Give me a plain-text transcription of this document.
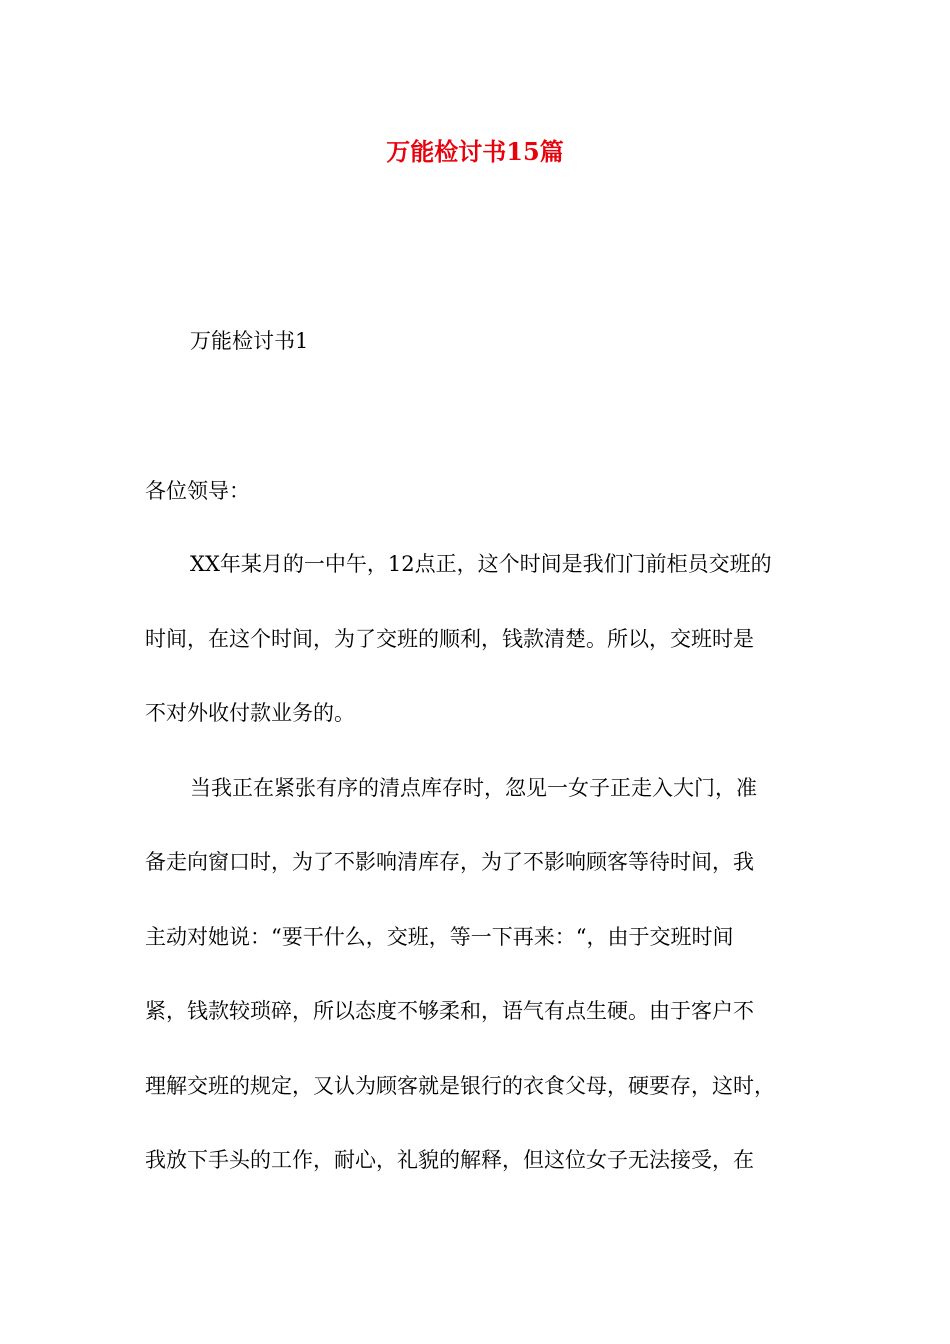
万能检讨书15篇
万能检讨书1

各位领导：

XX年某月的一中午，12点正，这个时间是我们门前柜员交班的

时间，在这个时间，为了交班的顺利，钱款清楚。所以，交班时是

不对外收付款业务的。

当我正在紧张有序的清点库存时，忽见一女子正走入大门，准

备走向窗口时，为了不影响清库存，为了不影响顾客等待时间，我

主动对她说：“要干什么，交班，等一下再来：“，由于交班时间

紧，钱款较琐碎，所以态度不够柔和，语气有点生硬。由于客户不

理解交班的规定，又认为顾客就是银行的衣食父母，硬要存，这时，

我放下手头的工作，耐心，礼貌的解释，但这位女子无法接受，在
